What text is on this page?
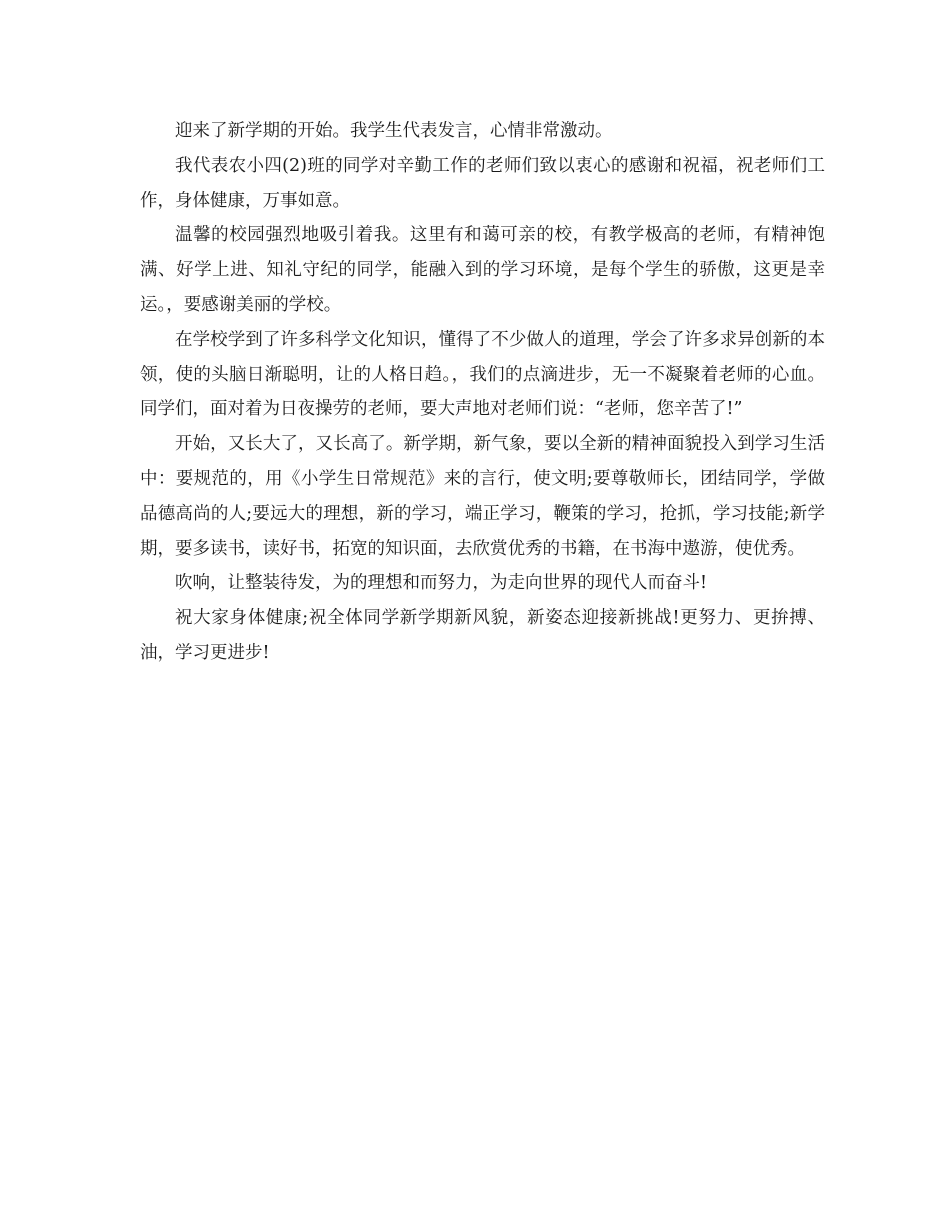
迎来了新学期的开始。我学生代表发言，心情非常激动。

我代表农小四(2)班的同学对辛勤工作的老师们致以衷心的感谢和祝福，祝老师们工作，身体健康，万事如意。

温馨的校园强烈地吸引着我。这里有和蔼可亲的校，有教学极高的老师，有精神饱满、好学上进、知礼守纪的同学，能融入到的学习环境，是每个学生的骄傲，这更是幸运。，要感谢美丽的学校。

在学校学到了许多科学文化知识，懂得了不少做人的道理，学会了许多求异创新的本领，使的头脑日渐聪明，让的人格日趋。，我们的点滴进步，无一不凝聚着老师的心血。同学们，面对着为日夜操劳的老师，要大声地对老师们说：“老师，您辛苦了!”

开始，又长大了，又长高了。新学期，新气象，要以全新的精神面貌投入到学习生活中：要规范的，用《小学生日常规范》来的言行，使文明;要尊敬师长，团结同学，学做品德高尚的人;要远大的理想，新的学习，端正学习，鞭策的学习，抢抓，学习技能;新学期，要多读书，读好书，拓宽的知识面，去欣赏优秀的书籍，在书海中遨游，使优秀。

吹响，让整装待发，为的理想和而努力，为走向世界的现代人而奋斗!

祝大家身体健康;祝全体同学新学期新风貌，新姿态迎接新挑战!更努力、更拚搏、油，学习更进步!
